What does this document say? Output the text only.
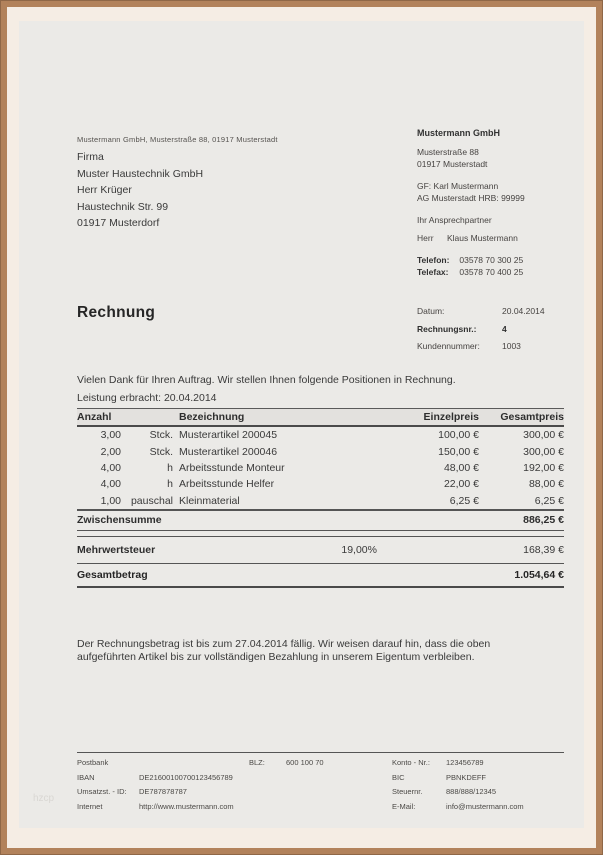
Mustermann GmbH, Musterstraße 88, 01917 Musterstadt
Firma
Muster Haustechnik GmbH
Herr Krüger
Haustechnik Str. 99
01917 Musterdorf
Mustermann GmbH
Musterstraße 88
01917 Musterstadt
GF: Karl Mustermann
AG Musterstadt HRB: 99999
Ihr Ansprechpartner
Herr Klaus Mustermann
Telefon: 03578 70 300 25
Telefax: 03578 70 400 25
Rechnung	Datum:	20.04.2014
Rechnungsnr.:	4
Kundennummer:	1003
Vielen Dank für Ihren Auftrag. Wir stellen Ihnen folgende Positionen in Rechnung.
Leistung erbracht: 20.04.2014
Anzahl	Bezeichnung	Einzelpreis	Gesamtpreis
3,00	Stck. Musterartikel 200045	100,00 €	300,00 €
2,00	Stck. Musterartikel 200046	150,00 €	300,00 €
4,00	h Arbeitsstunde Monteur	48,00 €	192,00 €
4,00	h Arbeitsstunde Helfer	22,00 €	88,00 €
1,00 pauschal Kleinmaterial	6,25 €	6,25 €
Zwischensumme	886,25 €
Mehrwertsteuer	19,00%	168,39 €
Gesamtbetrag	1.054,64 €
Der Rechnungsbetrag ist bis zum 27.04.2014 fällig. Wir weisen darauf hin, dass die oben
aufgeführten Artikel bis zur vollständigen Bezahlung in unserem Eigentum verbleiben.
Postbank	BLZ:	600 100 70	Konto - Nr.: 123456789
IBAN	DE21600100700123456789	BIC	PBNKDEFF
Umsatzst. - ID: DE787878787	Steuernr.	888/888/12345
Internet	http://www.mustermann.com	E-Mail:	info@mustermann.com
hzcp
